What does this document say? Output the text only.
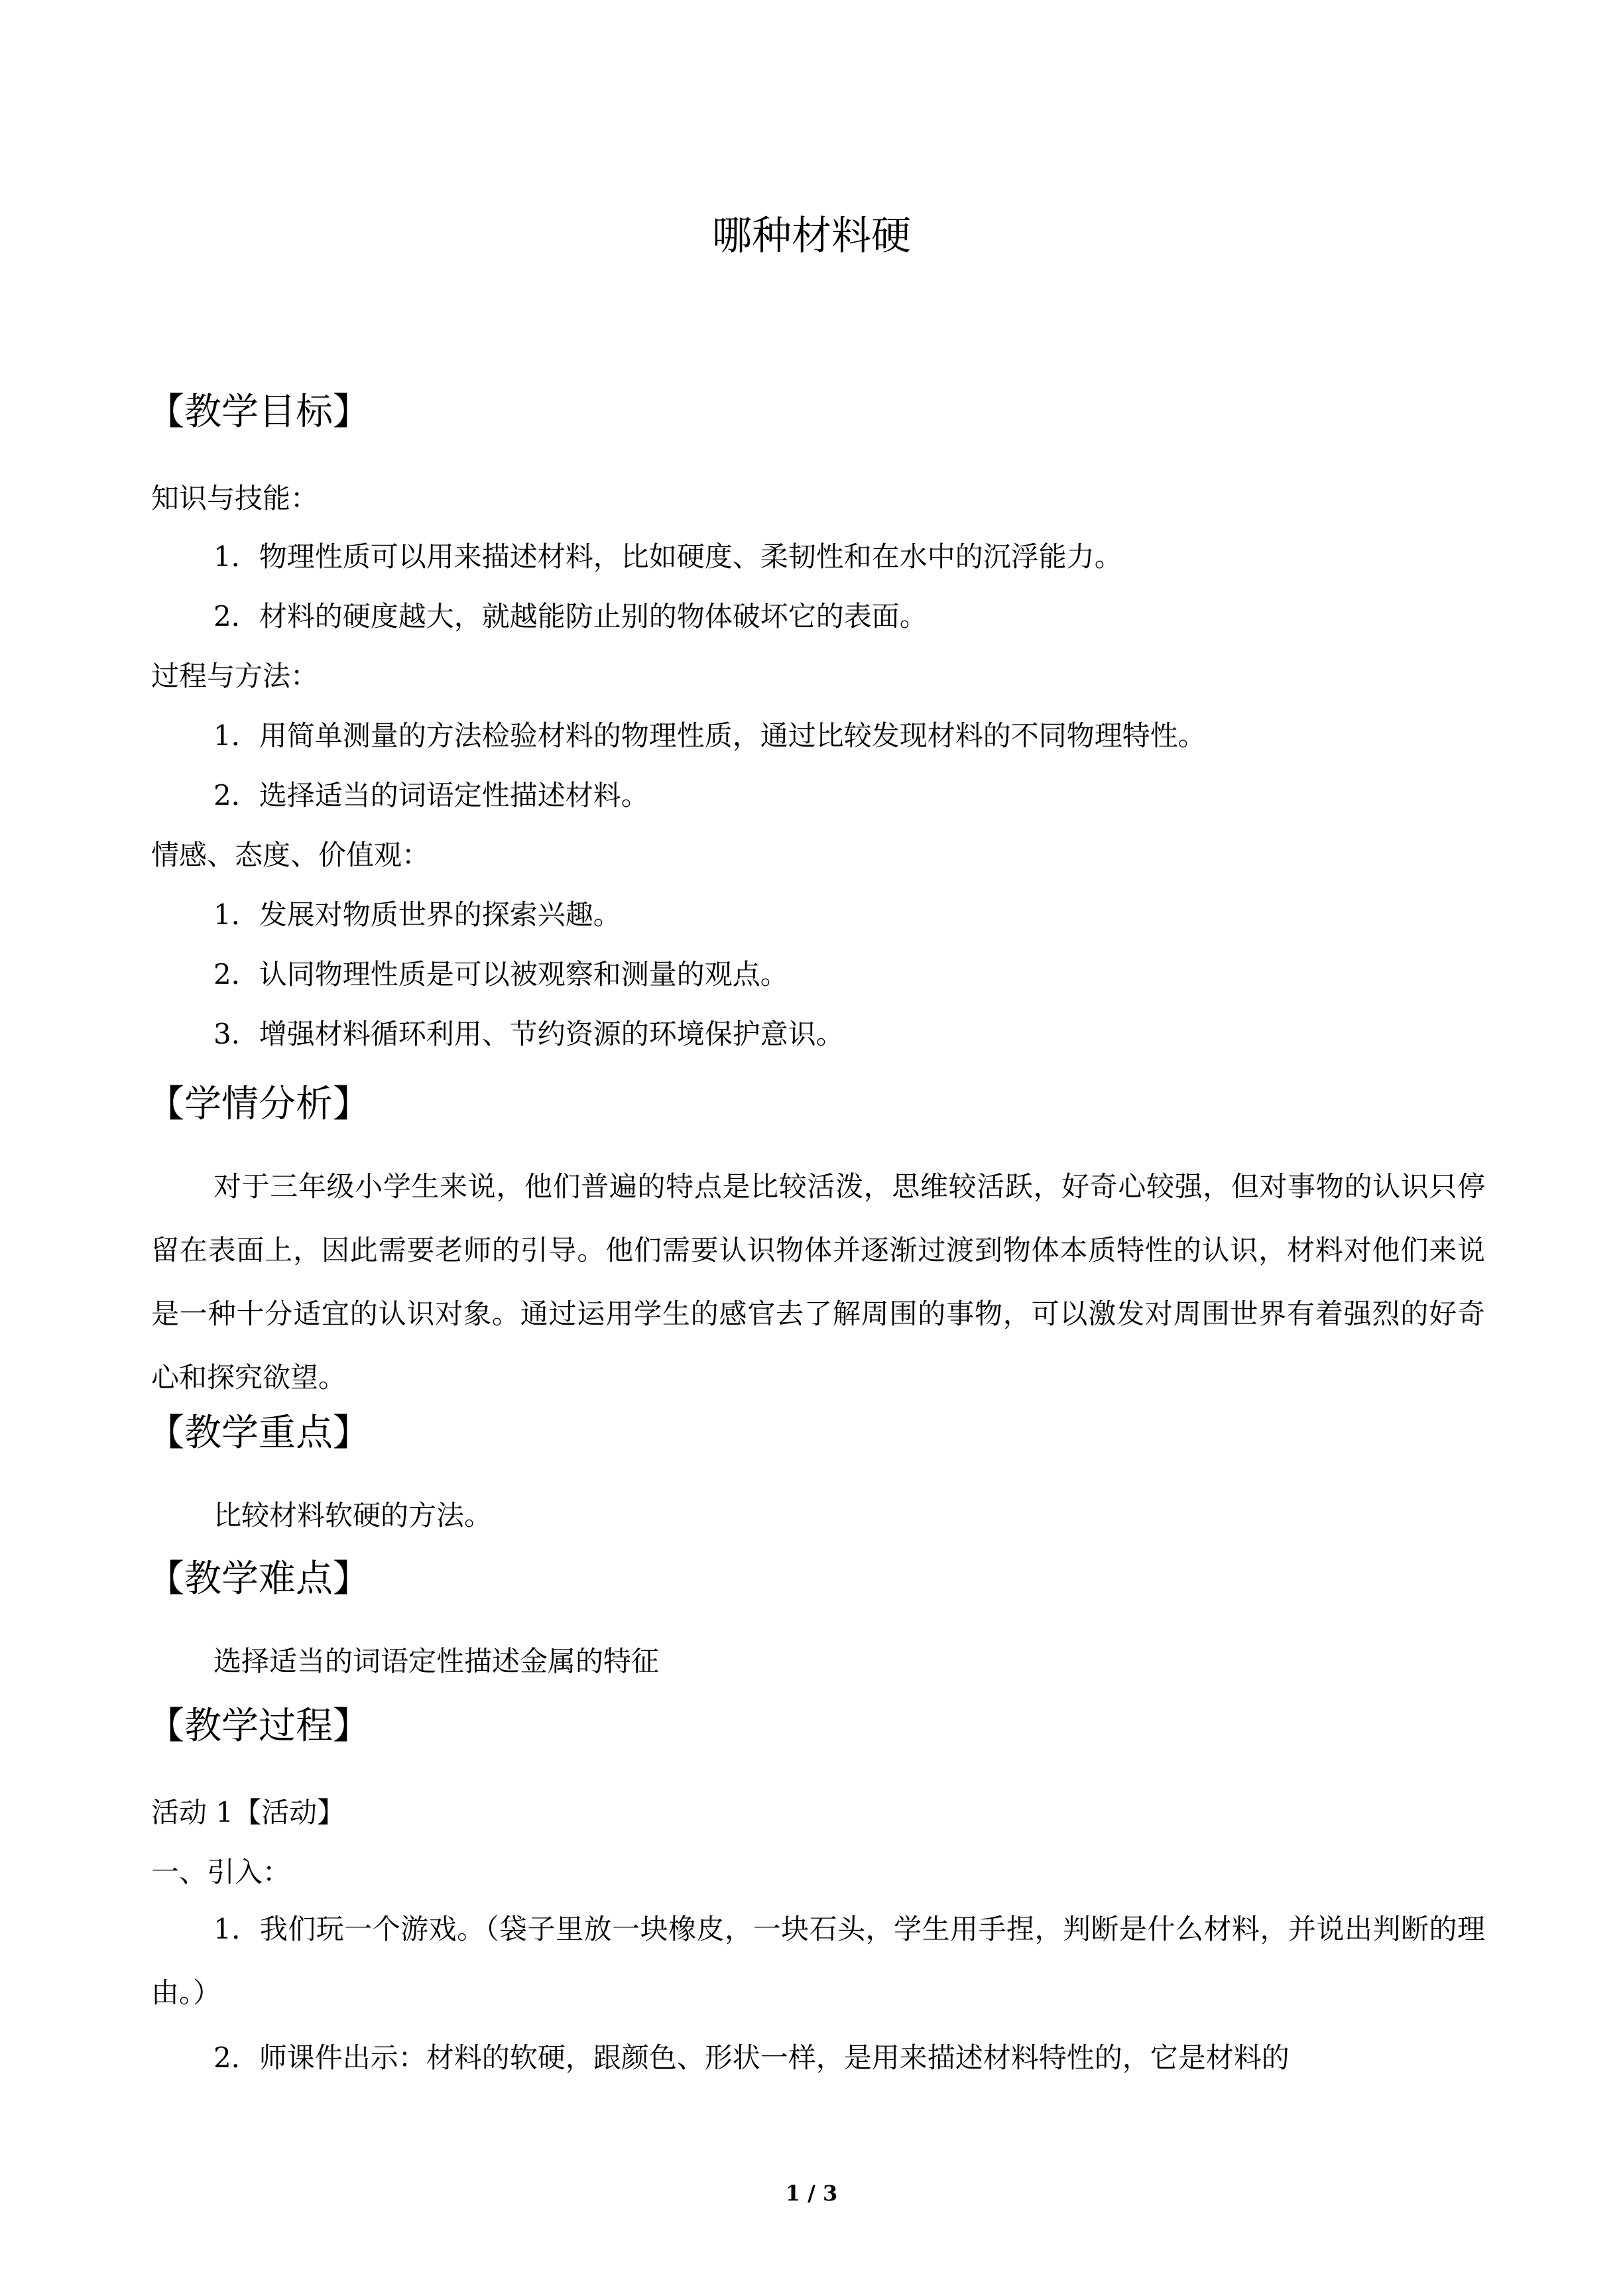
哪种材料硬
【教学目标】
知识与技能：
1．物理性质可以用来描述材料，比如硬度、柔韧性和在水中的沉浮能力。
2．材料的硬度越大，就越能防止别的物体破坏它的表面。
过程与方法：
1．用简单测量的方法检验材料的物理性质，通过比较发现材料的不同物理特性。
2．选择适当的词语定性描述材料。
情感、态度、价值观：
1．发展对物质世界的探索兴趣。
2．认同物理性质是可以被观察和测量的观点。
3．增强材料循环利用、节约资源的环境保护意识。
【学情分析】

对于三年级小学生来说，他们普遍的特点是比较活泼，思维较活跃，好奇心较强，但对事物的认识只停留在表面上，因此需要老师的引导。他们需要认识物体并逐渐过渡到物体本质特性的认识，材料对他们来说是一种十分适宜的认识对象。通过运用学生的感官去了解周围的事物，可以激发对周围世界有着强烈的好奇心和探究欲望。

【教学重点】
比较材料软硬的方法。
【教学难点】
选择适当的词语定性描述金属的特征
【教学过程】
活动 1【活动】
一、引入：

1．我们玩一个游戏。（袋子里放一块橡皮，一块石头，学生用手捏，判断是什么材料，并说出判断的理由。）

2．师课件出示：材料的软硬，跟颜色、形状一样，是用来描述材料特性的，它是材料的
1 / 3
